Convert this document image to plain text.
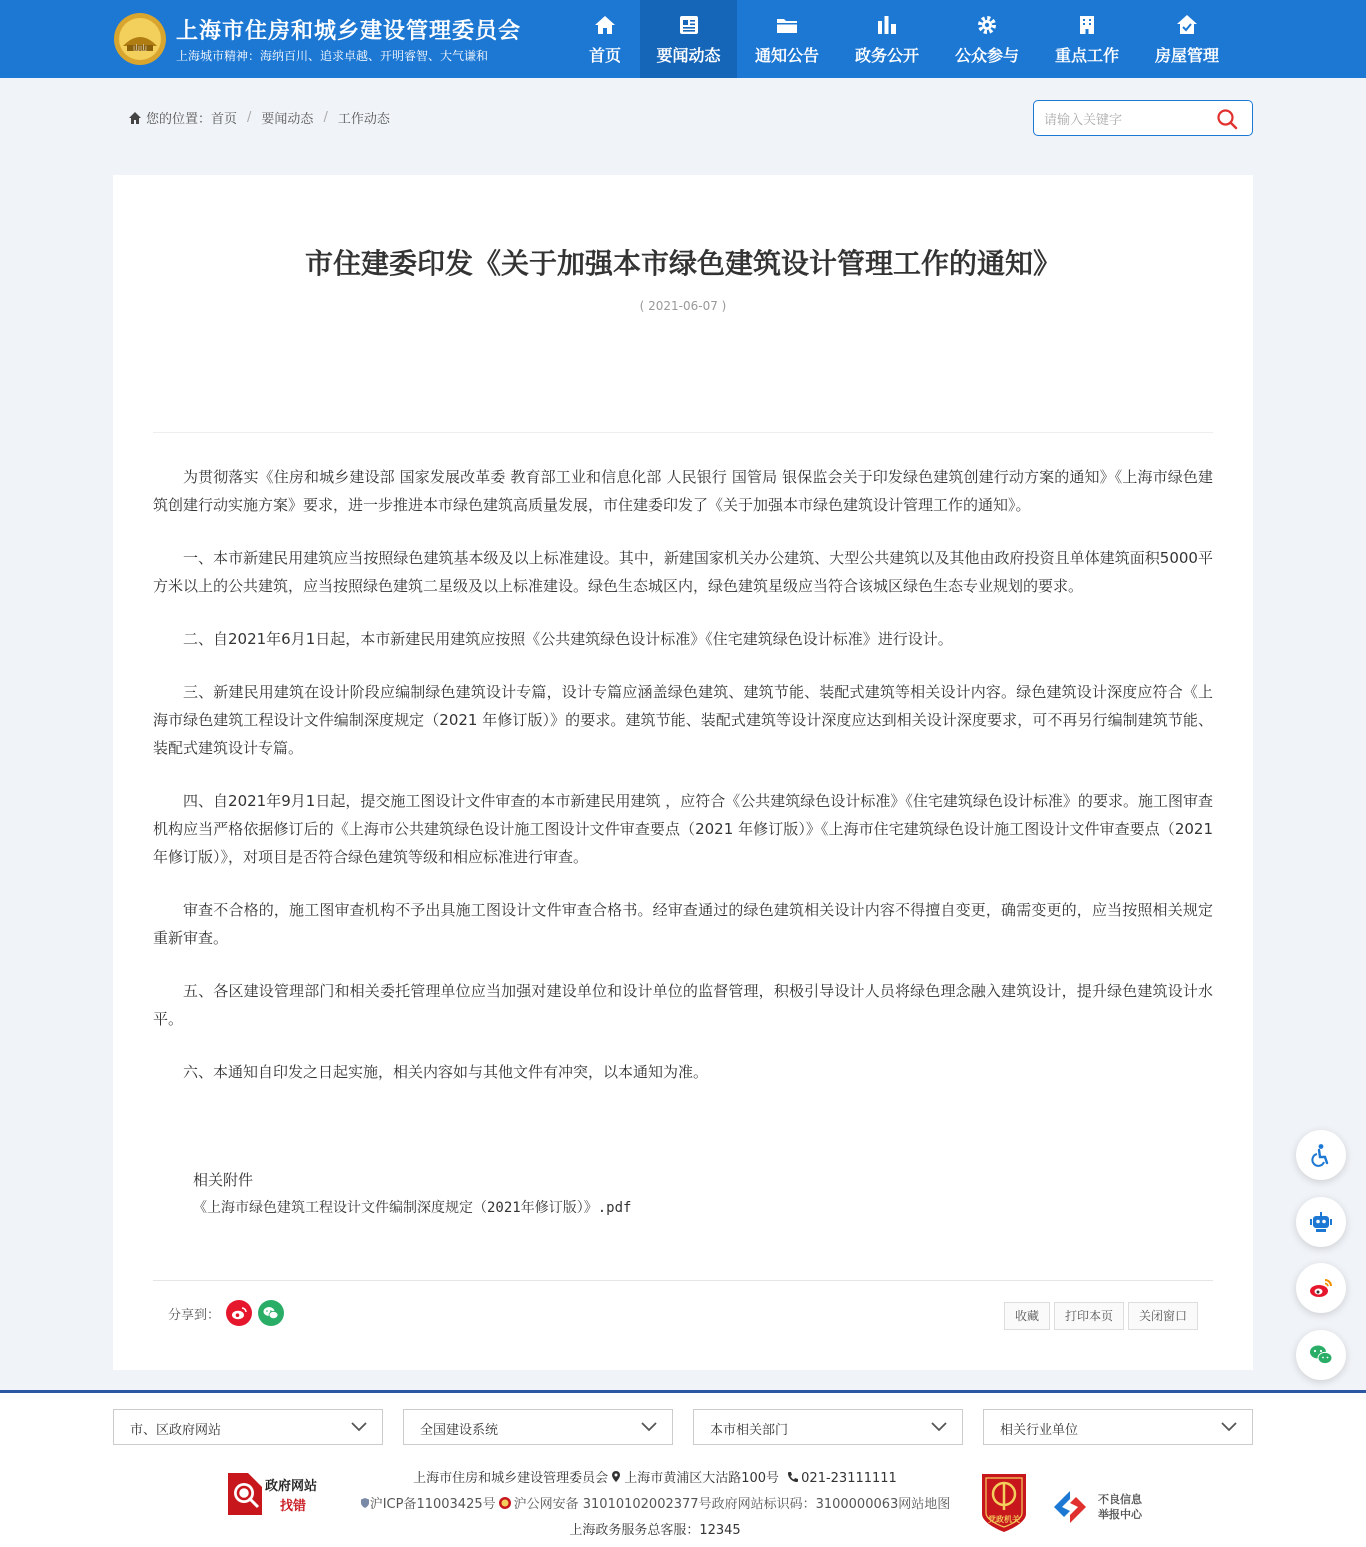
山山
上海市住房和城乡建设管理委员会
上海城市精神：海纳百川、追求卓越、开明睿智、大气谦和	首页 要闻动态 通知公告 政务公开 公众参与 重点工作 房屋管理
您的位置： 首页 / 要闻动态 / 工作动态
请输入关键字
市住建委印发《关于加强本市绿色建筑设计管理工作的通知》
( 2021-06-07 )

为贯彻落实《住房和城乡建设部 国家发展改革委 教育部工业和信息化部 人民银行 国管局 银保监会关于印发绿色建筑创建行动方案的通知》《上海市绿色建筑创建行动实施方案》要求，进一步推进本市绿色建筑高质量发展，市住建委印发了《关于加强本市绿色建筑设计管理工作的通知》。

一、本市新建民用建筑应当按照绿色建筑基本级及以上标准建设。其中，新建国家机关办公建筑、大型公共建筑以及其他由政府投资且单体建筑面积5000平方米以上的公共建筑，应当按照绿色建筑二星级及以上标准建设。绿色生态城区内，绿色建筑星级应当符合该城区绿色生态专业规划的要求。

二、自2021年6月1日起，本市新建民用建筑应按照《公共建筑绿色设计标准》《住宅建筑绿色设计标准》进行设计。

三、新建民用建筑在设计阶段应编制绿色建筑设计专篇，设计专篇应涵盖绿色建筑、建筑节能、装配式建筑等相关设计内容。绿色建筑设计深度应符合《上海市绿色建筑工程设计文件编制深度规定（2021 年修订版）》的要求。建筑节能、装配式建筑等设计深度应达到相关设计深度要求，可不再另行编制建筑节能、装配式建筑设计专篇。

四、自2021年9月1日起，提交施工图设计文件审查的本市新建民用建筑 ，应符合《公共建筑绿色设计标准》《住宅建筑绿色设计标准》的要求。施工图审查机构应当严格依据修订后的《上海市公共建筑绿色设计施工图设计文件审查要点（2021 年修订版）》《上海市住宅建筑绿色设计施工图设计文件审查要点（2021 年修订版）》，对项目是否符合绿色建筑等级和相应标准进行审查。

审查不合格的，施工图审查机构不予出具施工图设计文件审查合格书。经审查通过的绿色建筑相关设计内容不得擅自变更，确需变更的，应当按照相关规定重新审查。

五、各区建设管理部门和相关委托管理单位应当加强对建设单位和设计单位的监督管理，积极引导设计人员将绿色理念融入建筑设计，提升绿色建筑设计水平。

六、本通知自印发之日起实施，相关内容如与其他文件有冲突，以本通知为准。

相关附件
《上海市绿色建筑工程设计文件编制深度规定（2021年修订版）》.pdf
分享到：	收藏	打印本页	关闭窗口
市、区政府网站	全国建设系统	本市相关部门	相关行业单位
政府网站
找错
上海市住房和城乡建设管理委员会 上海市黄浦区大沽路100号 021-23111111
沪ICP备11003425号 沪公网安备 31010102002377号政府网站标识码：3100000063网站地图
上海政务服务总客服：12345
党政机关
不良信息
举报中心
